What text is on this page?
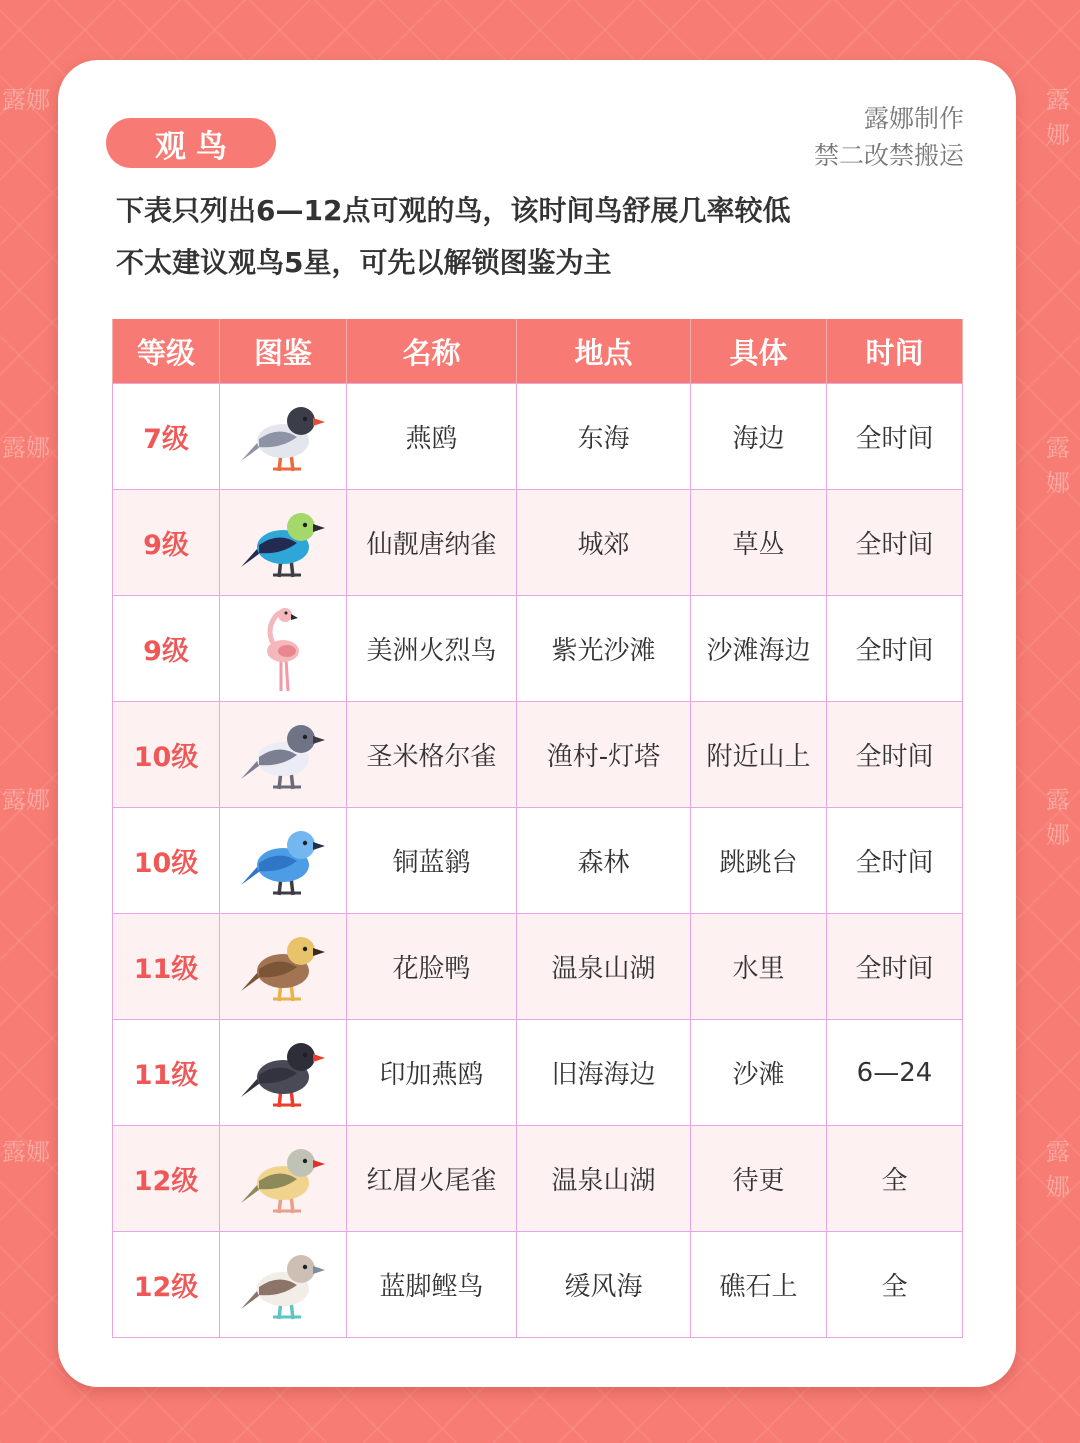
露娜	露娜
露娜	露娜
露娜	露娜
露娜	露娜
观鸟
露娜制作
禁二改禁搬运
下表只列出6—12点可观的鸟，该时间鸟舒展几率较低
不太建议观鸟5星，可先以解锁图鉴为主
等级	图鉴	名称	地点	具体	时间
7级		燕鸥	东海	海边	全时间
9级		仙靓唐纳雀	城郊	草丛	全时间
9级		美洲火烈鸟	紫光沙滩	沙滩海边	全时间
10级		圣米格尔雀	渔村-灯塔	附近山上	全时间
10级		铜蓝鹟	森林	跳跳台	全时间
11级		花脸鸭	温泉山湖	水里	全时间
11级		印加燕鸥	旧海海边	沙滩	6—24
12级		红眉火尾雀	温泉山湖	待更	全
12级		蓝脚鲣鸟	缓风海	礁石上	全
